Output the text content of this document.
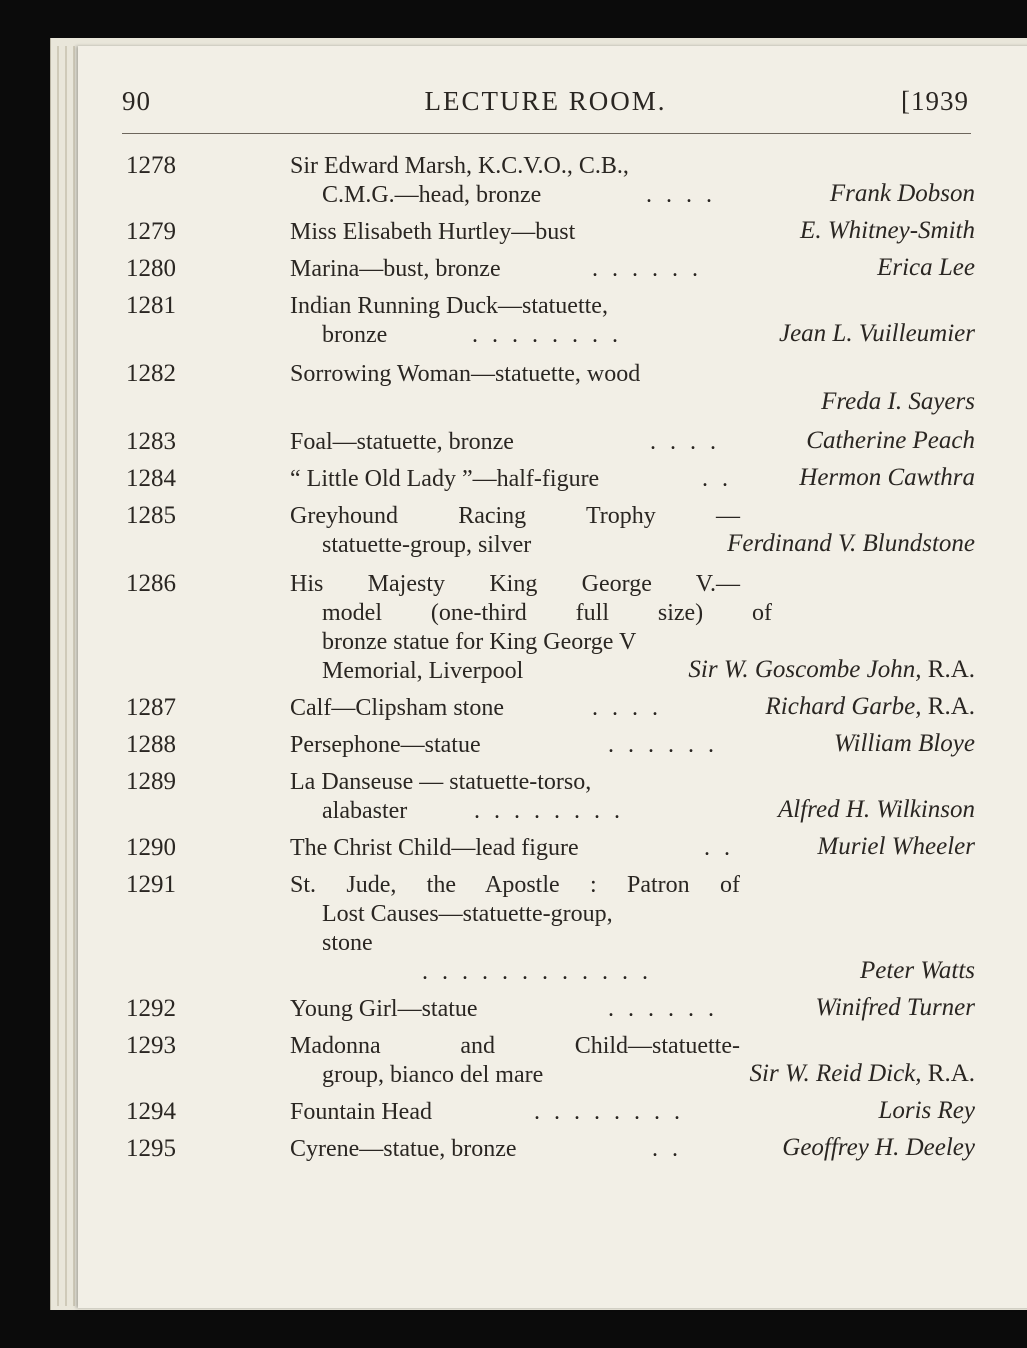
90	LECTURE ROOM.	[1939
1278	Sir Edward Marsh, K.C.V.O., C.B.,
C.M.G.—head, bronze	. . . .	Frank Dobson
1279	Miss Elisabeth Hurtley—bust	E. Whitney-Smith
1280	Marina—bust, bronze	. . . . . .	Erica Lee
1281	Indian Running Duck—statuette,
bronze	. . . . . . . .	Jean L. Vuilleumier
1282	Sorrowing Woman—statuette, wood
Freda I. Sayers
1283	Foal—statuette, bronze	. . . .	Catherine Peach
1284	“ Little Old Lady ”—half-figure	. .	Hermon Cawthra
1285	Greyhound Racing Trophy —
statuette-group, silver	Ferdinand V. Blundstone
1286	His Majesty King George V.—
model (one-third full size) of
bronze statue for King George V
Memorial, Liverpool	Sir W. Goscombe John, R.A.
1287	Calf—Clipsham stone	. . . .	Richard Garbe, R.A.
1288	Persephone—statue	. . . . . .	William Bloye
1289	La Danseuse — statuette-torso,
alabaster	. . . . . . . .	Alfred H. Wilkinson
1290	The Christ Child—lead figure	. .	Muriel Wheeler
1291	St. Jude, the Apostle : Patron of
Lost Causes—statuette-group,
stone
. . . . . . . . . . . .	Peter Watts
1292	Young Girl—statue	. . . . . .	Winifred Turner
1293	Madonna and Child—statuette-
group, bianco del mare	Sir W. Reid Dick, R.A.
1294	Fountain Head	. . . . . . . .	Loris Rey
1295	Cyrene—statue, bronze	. .	Geoffrey H. Deeley
